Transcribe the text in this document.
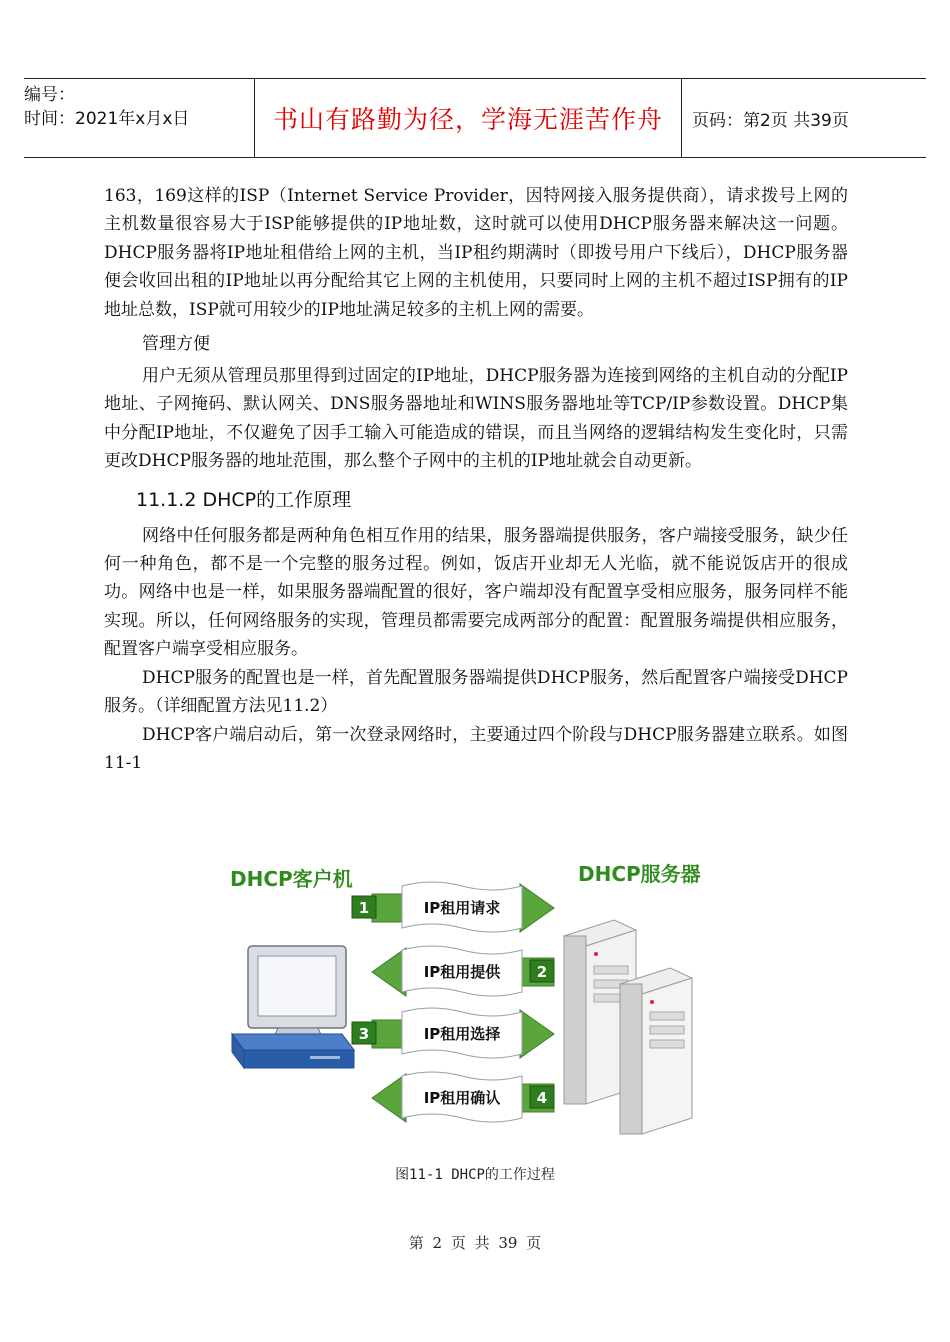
编号：
时间：2021年x月x日	书山有路勤为径，学海无涯苦作舟	页码：第2页 共39页

163，169这样的ISP（Internet Service Provider，因特网接入服务提供商），请求拨号上网的主机数量很容易大于ISP能够提供的IP地址数，这时就可以使用DHCP服务器来解决这一问题。DHCP服务器将IP地址租借给上网的主机，当IP租约期满时（即拨号用户下线后），DHCP服务器便会收回出租的IP地址以再分配给其它上网的主机使用，只要同时上网的主机不超过ISP拥有的IP地址总数，ISP就可用较少的IP地址满足较多的主机上网的需要。

管理方便

用户无须从管理员那里得到过固定的IP地址，DHCP服务器为连接到网络的主机自动的分配IP地址、子网掩码、默认网关、DNS服务器地址和WINS服务器地址等TCP/IP参数设置。DHCP集中分配IP地址，不仅避免了因手工输入可能造成的错误，而且当网络的逻辑结构发生变化时，只需更改DHCP服务器的地址范围，那么整个子网中的主机的IP地址就会自动更新。

11.1.2 DHCP的工作原理

网络中任何服务都是两种角色相互作用的结果，服务器端提供服务，客户端接受服务，缺少任何一种角色，都不是一个完整的服务过程。例如，饭店开业却无人光临，就不能说饭店开的很成功。网络中也是一样，如果服务器端配置的很好，客户端却没有配置享受相应服务，服务同样不能实现。所以，任何网络服务的实现，管理员都需要完成两部分的配置：配置服务端提供相应服务，配置客户端享受相应服务。

DHCP服务的配置也是一样，首先配置服务器端提供DHCP服务，然后配置客户端接受DHCP服务。（详细配置方法见11.2）

DHCP客户端启动后，第一次登录网络时，主要通过四个阶段与DHCP服务器建立联系。如图11-1

DHCP客户机	DHCP服务器
IP租用请求
1
IP租用提供 2
IP租用选择
3
IP租用确认 4
图11-1 DHCP的工作过程
第 2 页 共 39 页
